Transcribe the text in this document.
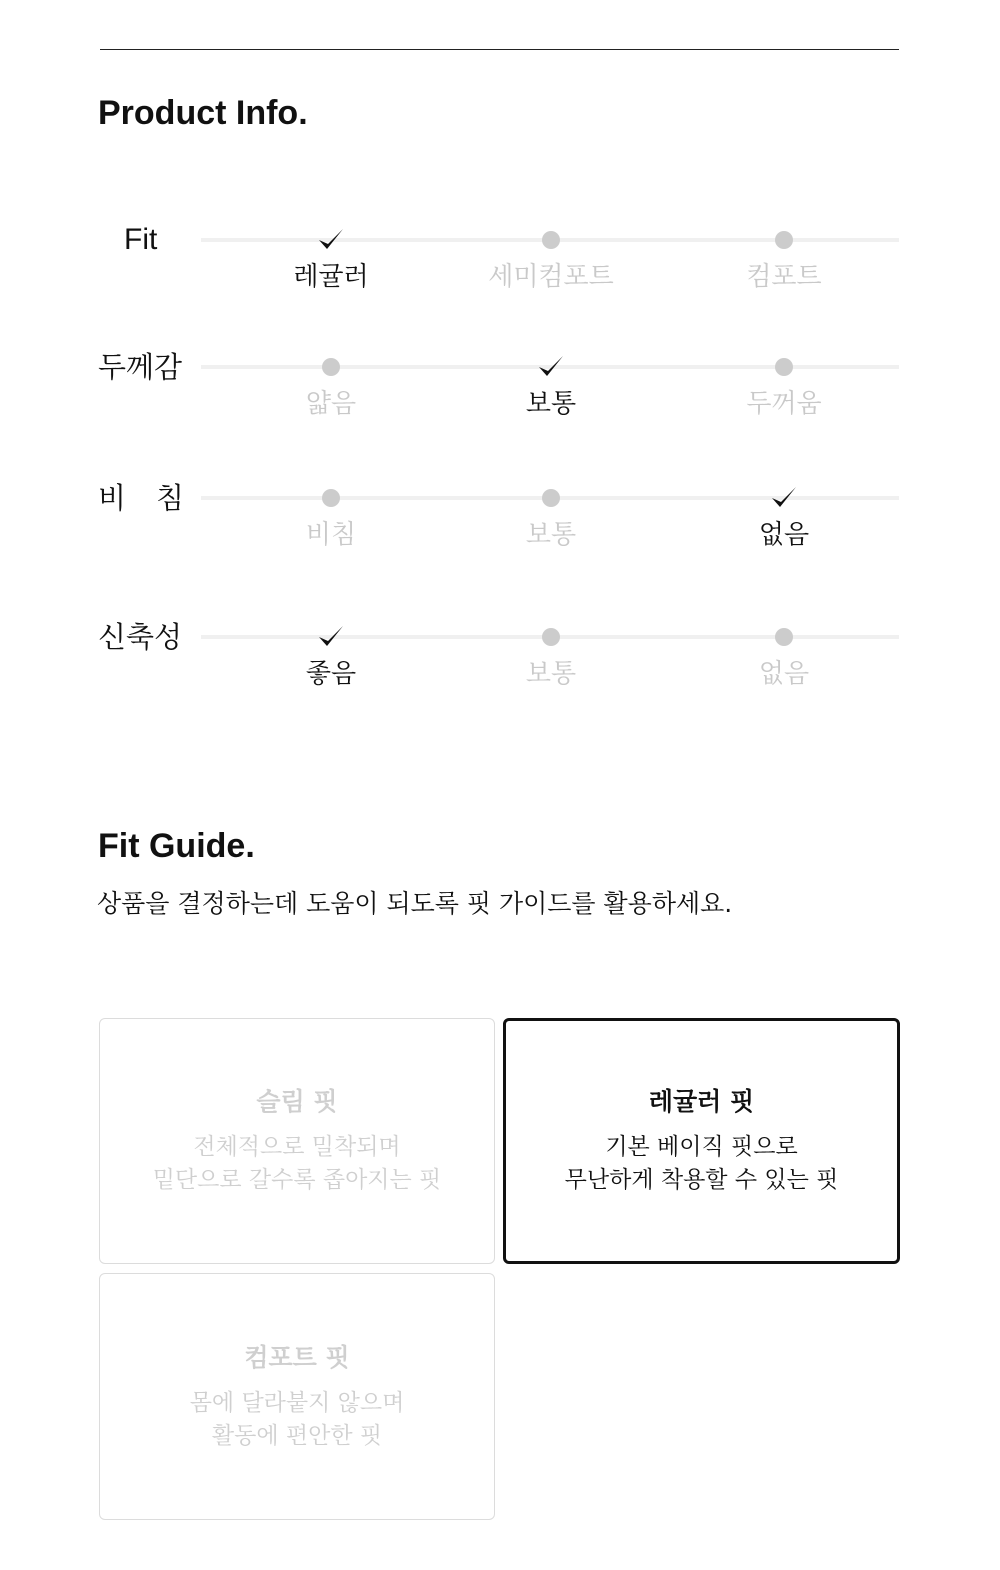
Product Info.
Fit
레귤러	세미컴포트	컴포트
두께감
얇음	보통	두꺼움
비 침
비침	보통	없음
신축성
좋음	보통	없음
Fit Guide.

상품을 결정하는데 도움이 되도록 핏 가이드를 활용하세요.

슬림 핏
전체적으로 밀착되며
밑단으로 갈수록 좁아지는 핏
레귤러 핏
기본 베이직 핏으로
무난하게 착용할 수 있는 핏
컴포트 핏
몸에 달라붙지 않으며
활동에 편안한 핏
